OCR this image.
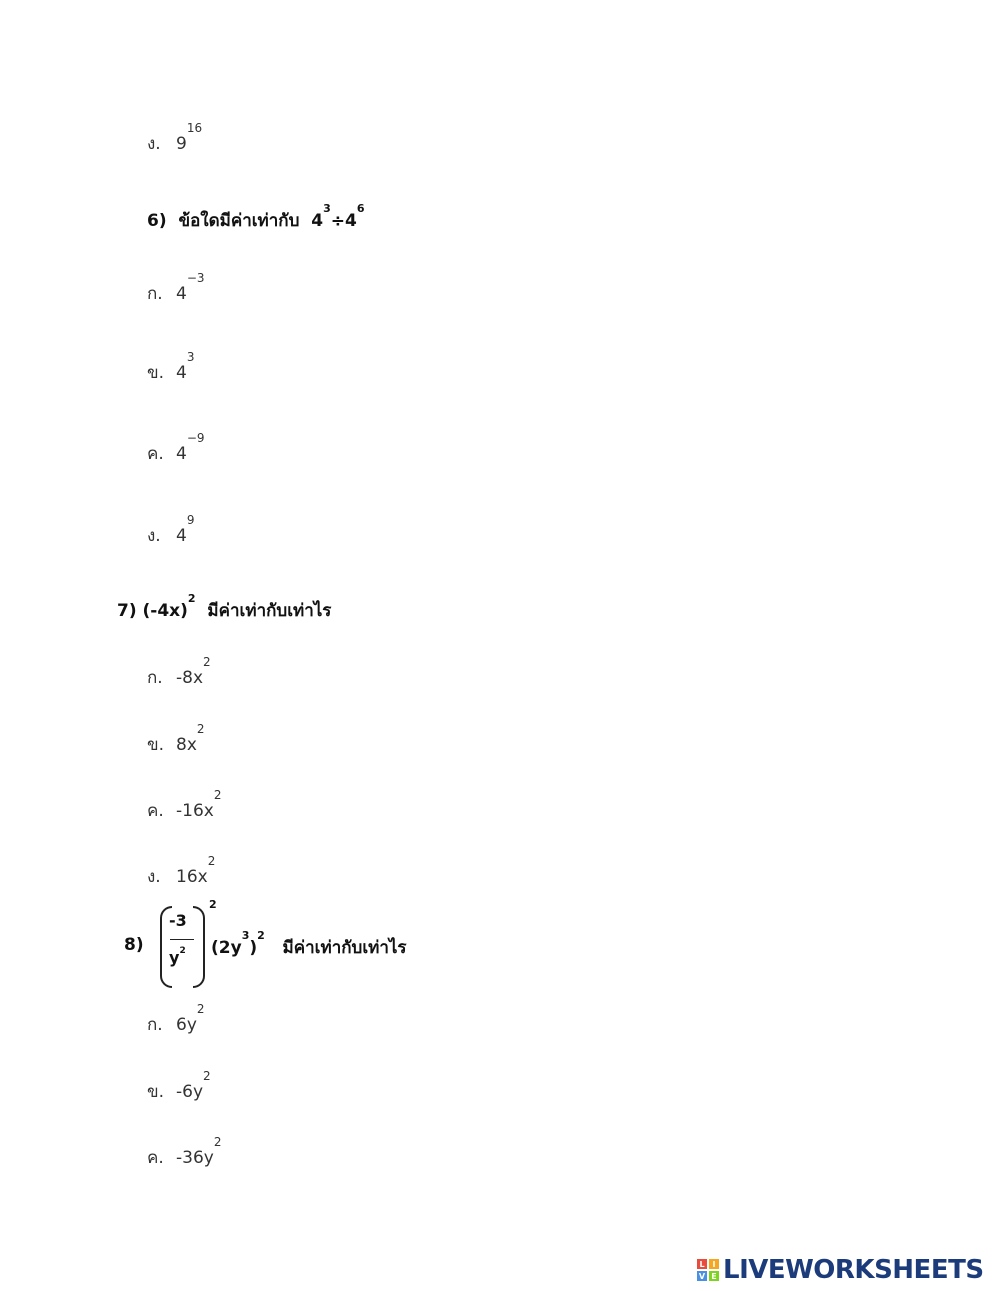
ง. $9^{16}$
6) ข้อใดมีค่าเท่ากับ $4^3\div 4^6$
ก. $4^{-3}$
ข. $4^3$
ค. $4^{-9}$
ง. $4^9$
7) $(-4x)^2$  มีค่าเท่ากับเท่าไร
ก. $-8x^2$
ข. $8x^2$
ค. $-16x^2$
ง. $16x^2$
8)
-3
$y^2$
2
$(2y^3)^2$   มีค่าเท่ากับเท่าไร
ก. $6y^2$
ข. $-6y^2$
ค. $-36y^2$
L I
V E LIVEWORKSHEETS
